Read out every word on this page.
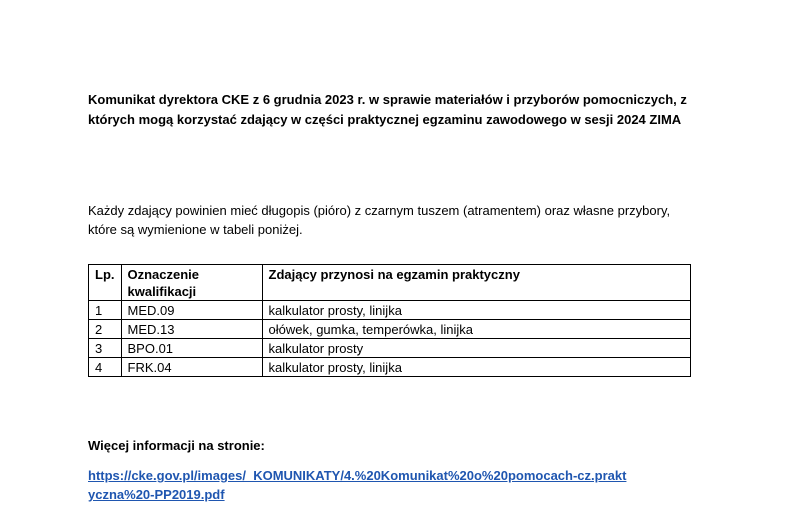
Komunikat dyrektora CKE z 6 grudnia 2023 r. w sprawie materiałów i przyborów pomocniczych, z których mogą korzystać zdający w części praktycznej egzaminu zawodowego w sesji 2024 ZIMA

Każdy zdający powinien mieć długopis (pióro) z czarnym tuszem (atramentem) oraz własne przybory, które są wymienione w tabeli poniżej.

Lp.	Oznaczenie kwalifikacji	Zdający przynosi na egzamin praktyczny
1	MED.09	kalkulator prosty, linijka
2	MED.13	ołówek, gumka, temperówka, linijka
3	BPO.01	kalkulator prosty
4	FRK.04	kalkulator prosty, linijka

Więcej informacji na stronie:

https://cke.gov.pl/images/_KOMUNIKATY/4.%20Komunikat%20o%20pomocach-cz.praktyczna%20-PP2019.pdf
